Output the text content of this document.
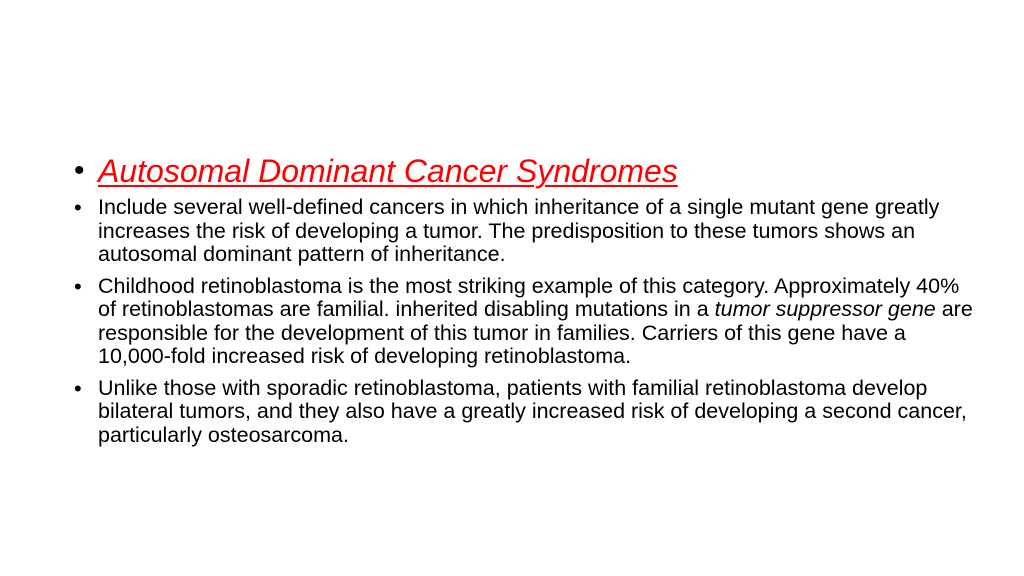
• Autosomal Dominant Cancer Syndromes
• Include several well-defined cancers in which inheritance of a single mutant gene greatly increases the risk of developing a tumor. The predisposition to these tumors shows an autosomal dominant pattern of inheritance.
• Childhood retinoblastoma is the most striking example of this category. Approximately 40% of retinoblastomas are familial. inherited disabling mutations in a tumor suppressor gene are responsible for the development of this tumor in families. Carriers of this gene have a 10,000-fold increased risk of developing retinoblastoma.
• Unlike those with sporadic retinoblastoma, patients with familial retinoblastoma develop bilateral tumors, and they also have a greatly increased risk of developing a second cancer, particularly osteosarcoma.
